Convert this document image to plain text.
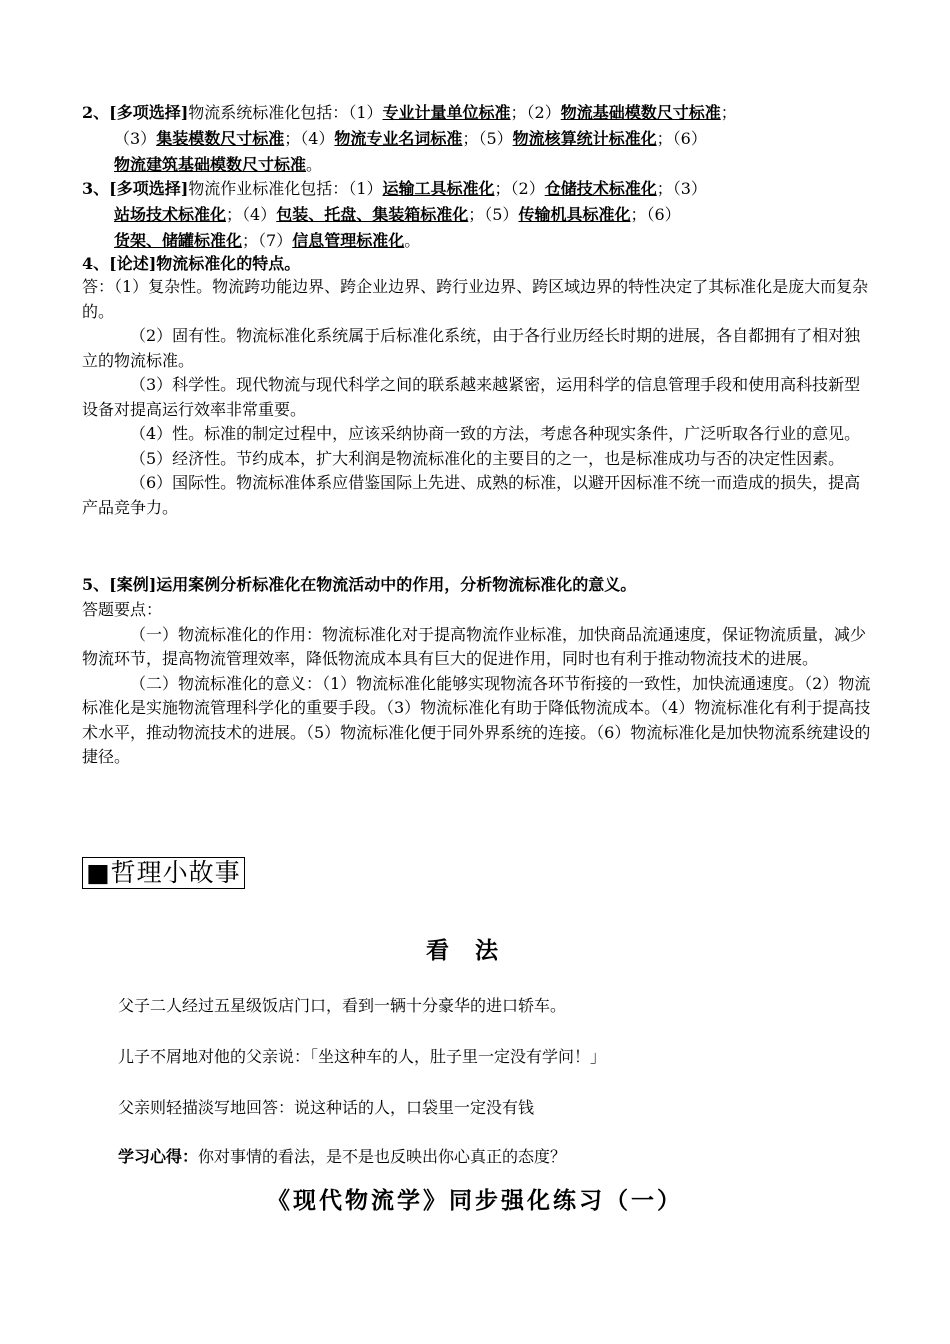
2、[多项选择]物流系统标准化包括：（1）专业计量单位标准；（2）物流基础模数尺寸标准；
（3）集装模数尺寸标准；（4）物流专业名词标准；（5）物流核算统计标准化；（6）
物流建筑基础模数尺寸标准。
3、[多项选择]物流作业标准化包括：（1）运输工具标准化；（2）仓储技术标准化；（3）
站场技术标准化；（4）包装、托盘、集装箱标准化；（5）传输机具标准化；（6）
货架、储罐标准化；（7）信息管理标准化。
4、[论述]物流标准化的特点。

答：（1）复杂性。物流跨功能边界、跨企业边界、跨行业边界、跨区域边界的特性决定了其标准化是庞大而复杂的。

（2）固有性。物流标准化系统属于后标准化系统，由于各行业历经长时期的进展，各自都拥有了相对独立的物流标准。

（3）科学性。现代物流与现代科学之间的联系越来越紧密，运用科学的信息管理手段和使用高科技新型设备对提高运行效率非常重要。

（4）性。标准的制定过程中，应该采纳协商一致的方法，考虑各种现实条件，广泛听取各行业的意见。

（5）经济性。节约成本，扩大利润是物流标准化的主要目的之一，也是标准成功与否的决定性因素。

（6）国际性。物流标准体系应借鉴国际上先进、成熟的标准，以避开因标准不统一而造成的损失，提高产品竞争力。

5、[案例]运用案例分析标准化在物流活动中的作用，分析物流标准化的意义。

答题要点：

（一）物流标准化的作用：物流标准化对于提高物流作业标准，加快商品流通速度，保证物流质量，减少物流环节，提高物流管理效率，降低物流成本具有巨大的促进作用，同时也有利于推动物流技术的进展。

（二）物流标准化的意义：（1）物流标准化能够实现物流各环节衔接的一致性，加快流通速度。（2）物流标准化是实施物流管理科学化的重要手段。（3）物流标准化有助于降低物流成本。（4）物流标准化有利于提高技术水平，推动物流技术的进展。（5）物流标准化便于同外界系统的连接。（6）物流标准化是加快物流系统建设的捷径。

■哲理小故事
看法
父子二人经过五星级饭店门口，看到一辆十分豪华的进口轿车。
儿子不屑地对他的父亲说：「坐这种车的人，肚子里一定没有学问！」
父亲则轻描淡写地回答：说这种话的人，口袋里一定没有钱
学习心得：你对事情的看法，是不是也反映出你心真正的态度？
《现代物流学》同步强化练习（一）
